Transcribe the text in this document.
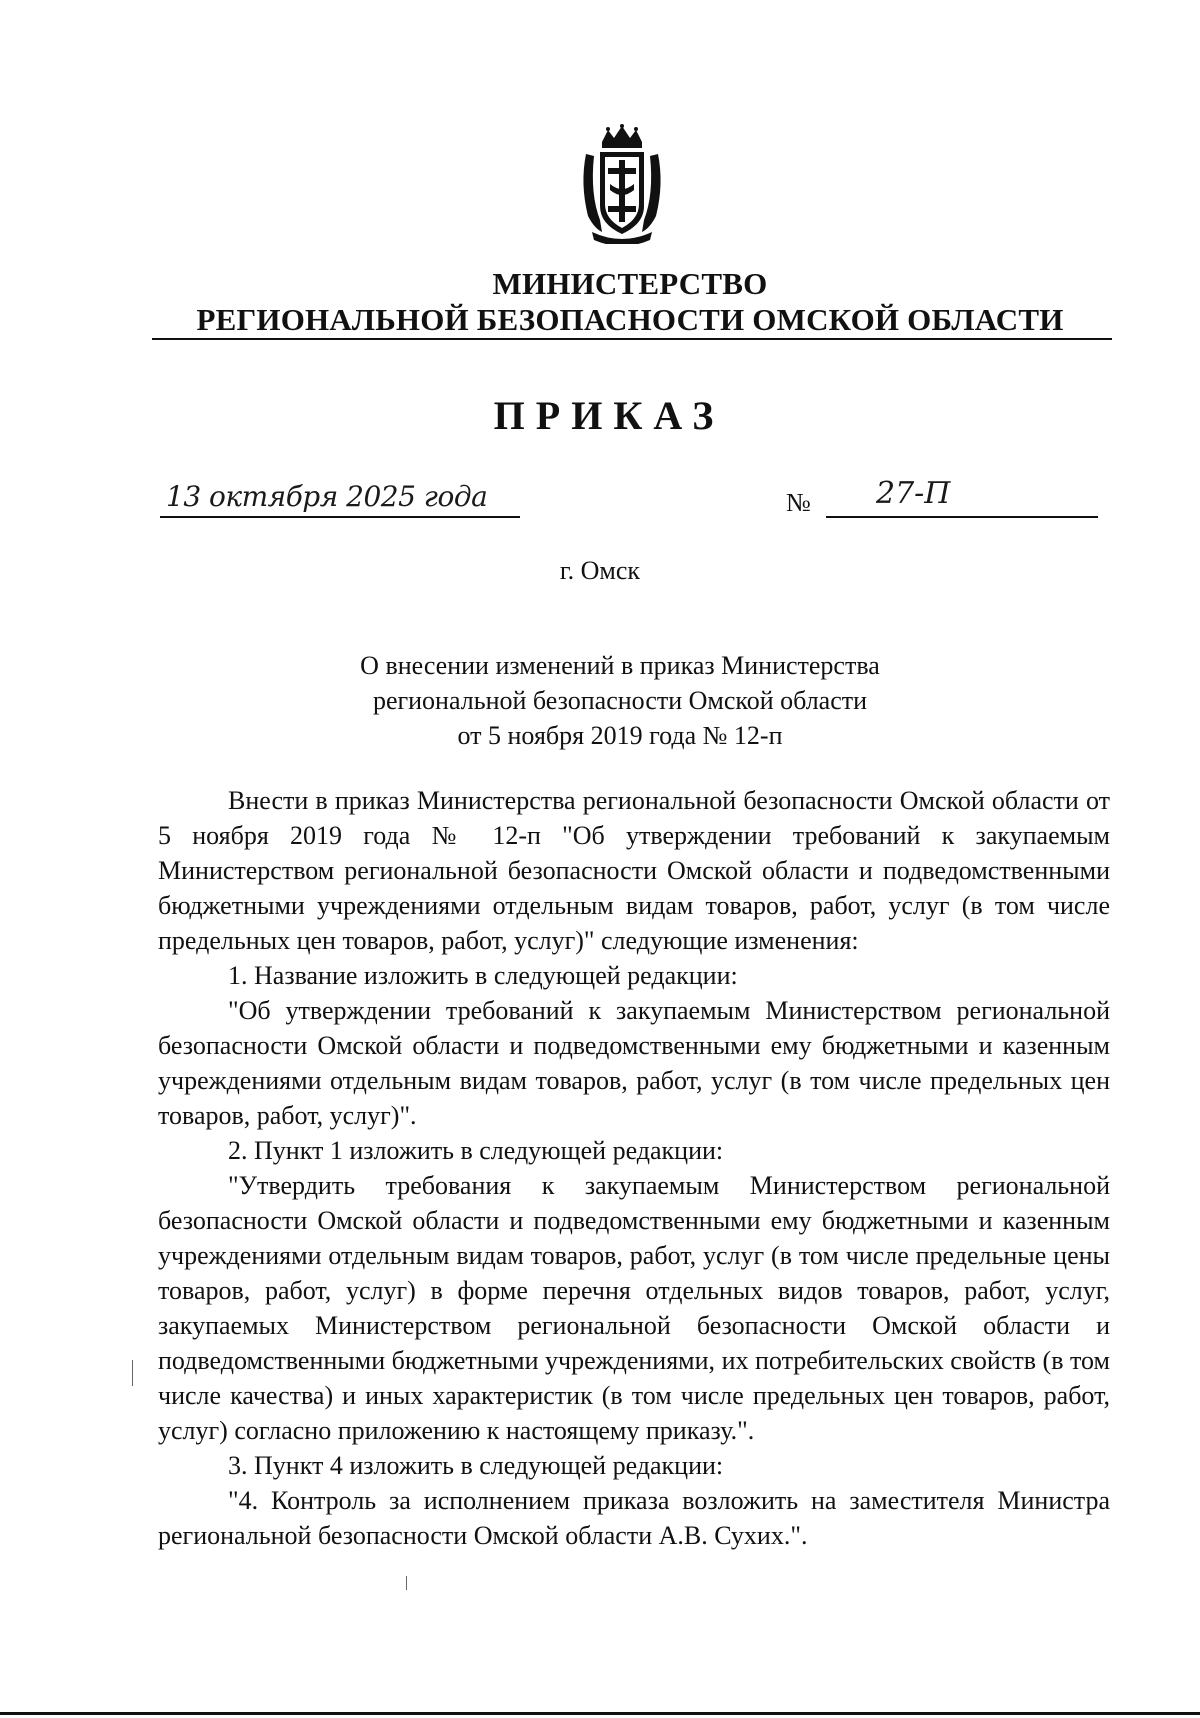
МИНИСТЕРСТВО
РЕГИОНАЛЬНОЙ БЕЗОПАСНОСТИ ОМСКОЙ ОБЛАСТИ
ПРИКАЗ
13 октября 2025 года	№ 27-П
г. Омск
О внесении изменений в приказ Министерства
региональной безопасности Омской области
от 5 ноября 2019 года № 12-п

Внести в приказ Министерства региональной безопасности Омской области от 5 ноября 2019 года № 12-п "Об утверждении требований к закупаемым Министерством региональной безопасности Омской области и подведомственными бюджетными учреждениями отдельным видам товаров, работ, услуг (в том числе предельных цен товаров, работ, услуг)" следующие изменения:

1. Название изложить в следующей редакции:

"Об утверждении требований к закупаемым Министерством региональной безопасности Омской области и подведомственными ему бюджетными и казенным учреждениями отдельным видам товаров, работ, услуг (в том числе предельных цен товаров, работ, услуг)".

2. Пункт 1 изложить в следующей редакции:

"Утвердить требования к закупаемым Министерством региональной безопасности Омской области и подведомственными ему бюджетными и казенным учреждениями отдельным видам товаров, работ, услуг (в том числе предельные цены товаров, работ, услуг) в форме перечня отдельных видов товаров, работ, услуг, закупаемых Министерством региональной безопасности Омской области и подведомственными бюджетными учреждениями, их потребительских свойств (в том числе качества) и иных характеристик (в том числе предельных цен товаров, работ, услуг) согласно приложению к настоящему приказу.".

3. Пункт 4 изложить в следующей редакции:

"4. Контроль за исполнением приказа возложить на заместителя Министра региональной безопасности Омской области А.В. Сухих.".
